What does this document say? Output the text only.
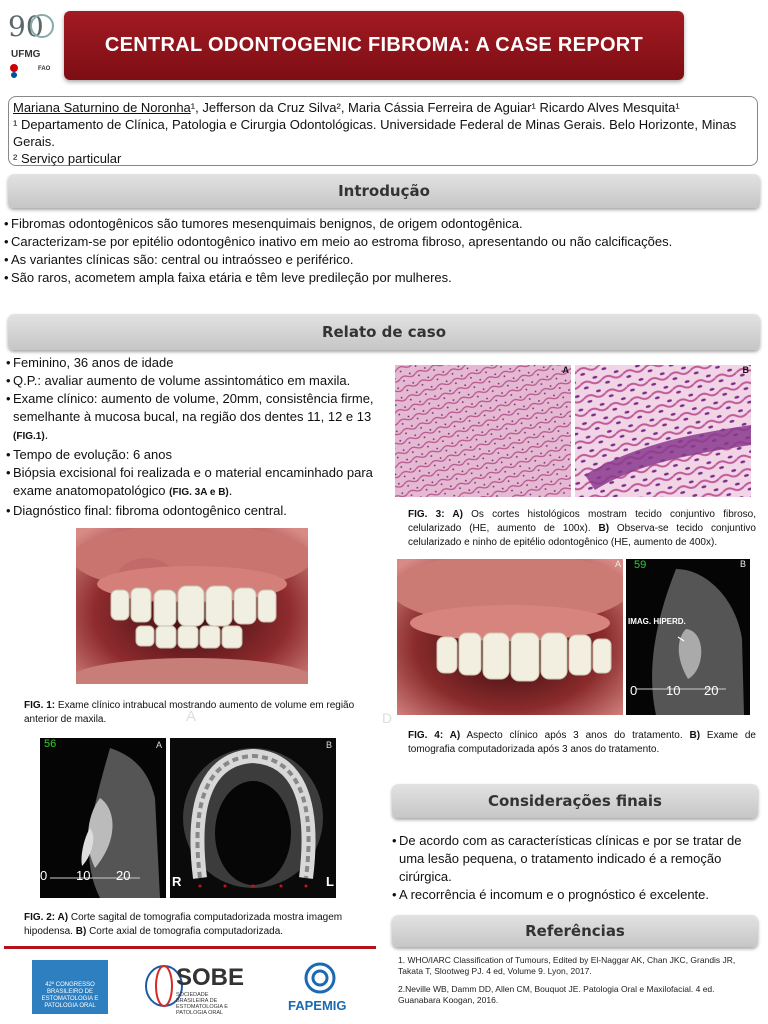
90
UFMG
FAO
CENTRAL ODONTOGENIC FIBROMA: A CASE REPORT
Mariana Saturnino de Noronha¹, Jefferson da Cruz Silva², Maria Cássia Ferreira de Aguiar¹ Ricardo Alves Mesquita¹
¹ Departamento de Clínica, Patologia e Cirurgia Odontológicas. Universidade Federal de Minas Gerais. Belo Horizonte, Minas Gerais.
² Serviço particular
Introdução
• Fibromas odontogênicos são tumores mesenquimais benignos, de origem odontogênica.
• Caracterizam-se por epitélio odontogênico inativo em meio ao estroma fibroso, apresentando ou não calcificações.
• As variantes clínicas são: central ou intraósseo e periférico.
• São raros, acometem ampla faixa etária e têm leve predileção por mulheres.
Relato de caso
• Feminino, 36 anos de idade
• Q.P.: avaliar aumento de volume assintomático em maxila.
• Exame clínico: aumento de volume, 20mm, consistência firme, semelhante à mucosa bucal, na região dos dentes 11, 12 e 13 (FIG.1).
• Tempo de evolução: 6 anos
• Biópsia excisional foi realizada e o material encaminhado para exame anatomopatológico (FIG. 3A e B).
• Diagnóstico final: fibroma odontogênico central.
FIG. 1: Exame clínico intrabucal mostrando aumento de volume em região anterior de maxila.	A
56	A
0 10 20
B
R	L
FIG. 2: A) Corte sagital de tomografia computadorizada mostra imagem hipodensa. B) Corte axial de tomografia computadorizada.
42º CONGRESSO BRASILEIRO DE ESTOMATOLOGIA E PATOLOGIA ORAL
SOBE
SOCIEDADE BRASILEIRA DE ESTOMATOLOGIA E PATOLOGIA ORAL	FAPEMIG
A	B
FIG. 3: A) Os cortes histológicos mostram tecido conjuntivo fibroso, celularizado (HE, aumento de 100x). B) Observa-se tecido conjuntivo celularizado e ninho de epitélio odontogênico (HE, aumento de 400x).
A 59	B
IMAG. HIPERD.
0 10 20
D
FIG. 4: A) Aspecto clínico após 3 anos do tratamento. B) Exame de tomografia computadorizada após 3 anos do tratamento.
Considerações finais
• De acordo com as características clínicas e por se tratar de uma lesão pequena, o tratamento indicado é a remoção cirúrgica.
• A recorrência é incomum e o prognóstico é excelente.
Referências
1. WHO/IARC Classification of Tumours, Edited by El-Naggar AK, Chan JKC, Grandis JR, Takata T, Slootweg PJ. 4 ed, Volume 9. Lyon, 2017.
2.Neville WB, Damm DD, Allen CM, Bouquot JE. Patologia Oral e Maxilofacial. 4 ed. Guanabara Koogan, 2016.
